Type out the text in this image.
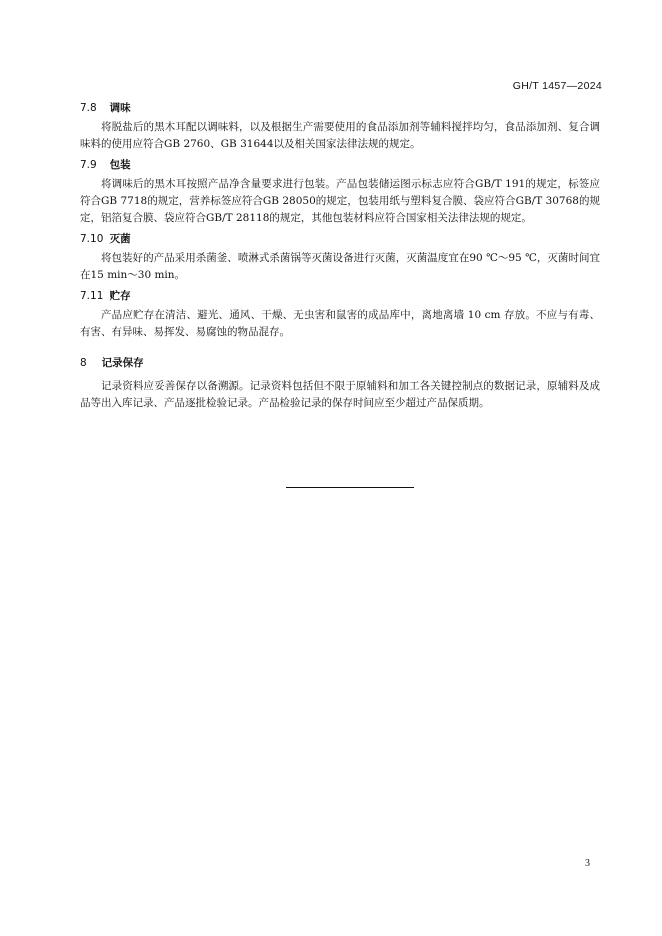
GH/T 1457—2024
7.8 调味

将脱盐后的黑木耳配以调味料，以及根据生产需要使用的食品添加剂等辅料搅拌均匀，食品添加剂、复合调味料的使用应符合GB 2760、GB 31644以及相关国家法律法规的规定。

7.9 包装

将调味后的黑木耳按照产品净含量要求进行包装。产品包装储运图示标志应符合GB/T 191的规定，标签应符合GB 7718的规定，营养标签应符合GB 28050的规定，包装用纸与塑料复合膜、袋应符合GB/T 30768的规定，铝箔复合膜、袋应符合GB/T 28118的规定，其他包装材料应符合国家相关法律法规的规定。

7.10 灭菌

将包装好的产品采用杀菌釜、喷淋式杀菌锅等灭菌设备进行灭菌，灭菌温度宜在90 ℃～95 ℃，灭菌时间宜在15 min～30 min。

7.11 贮存

产品应贮存在清洁、避光、通风、干燥、无虫害和鼠害的成品库中，离地离墙 10 cm 存放。不应与有毒、有害、有异味、易挥发、易腐蚀的物品混存。

8 记录保存

记录资料应妥善保存以备溯源。记录资料包括但不限于原辅料和加工各关键控制点的数据记录，原辅料及成品等出入库记录、产品逐批检验记录。产品检验记录的保存时间应至少超过产品保质期。

3
